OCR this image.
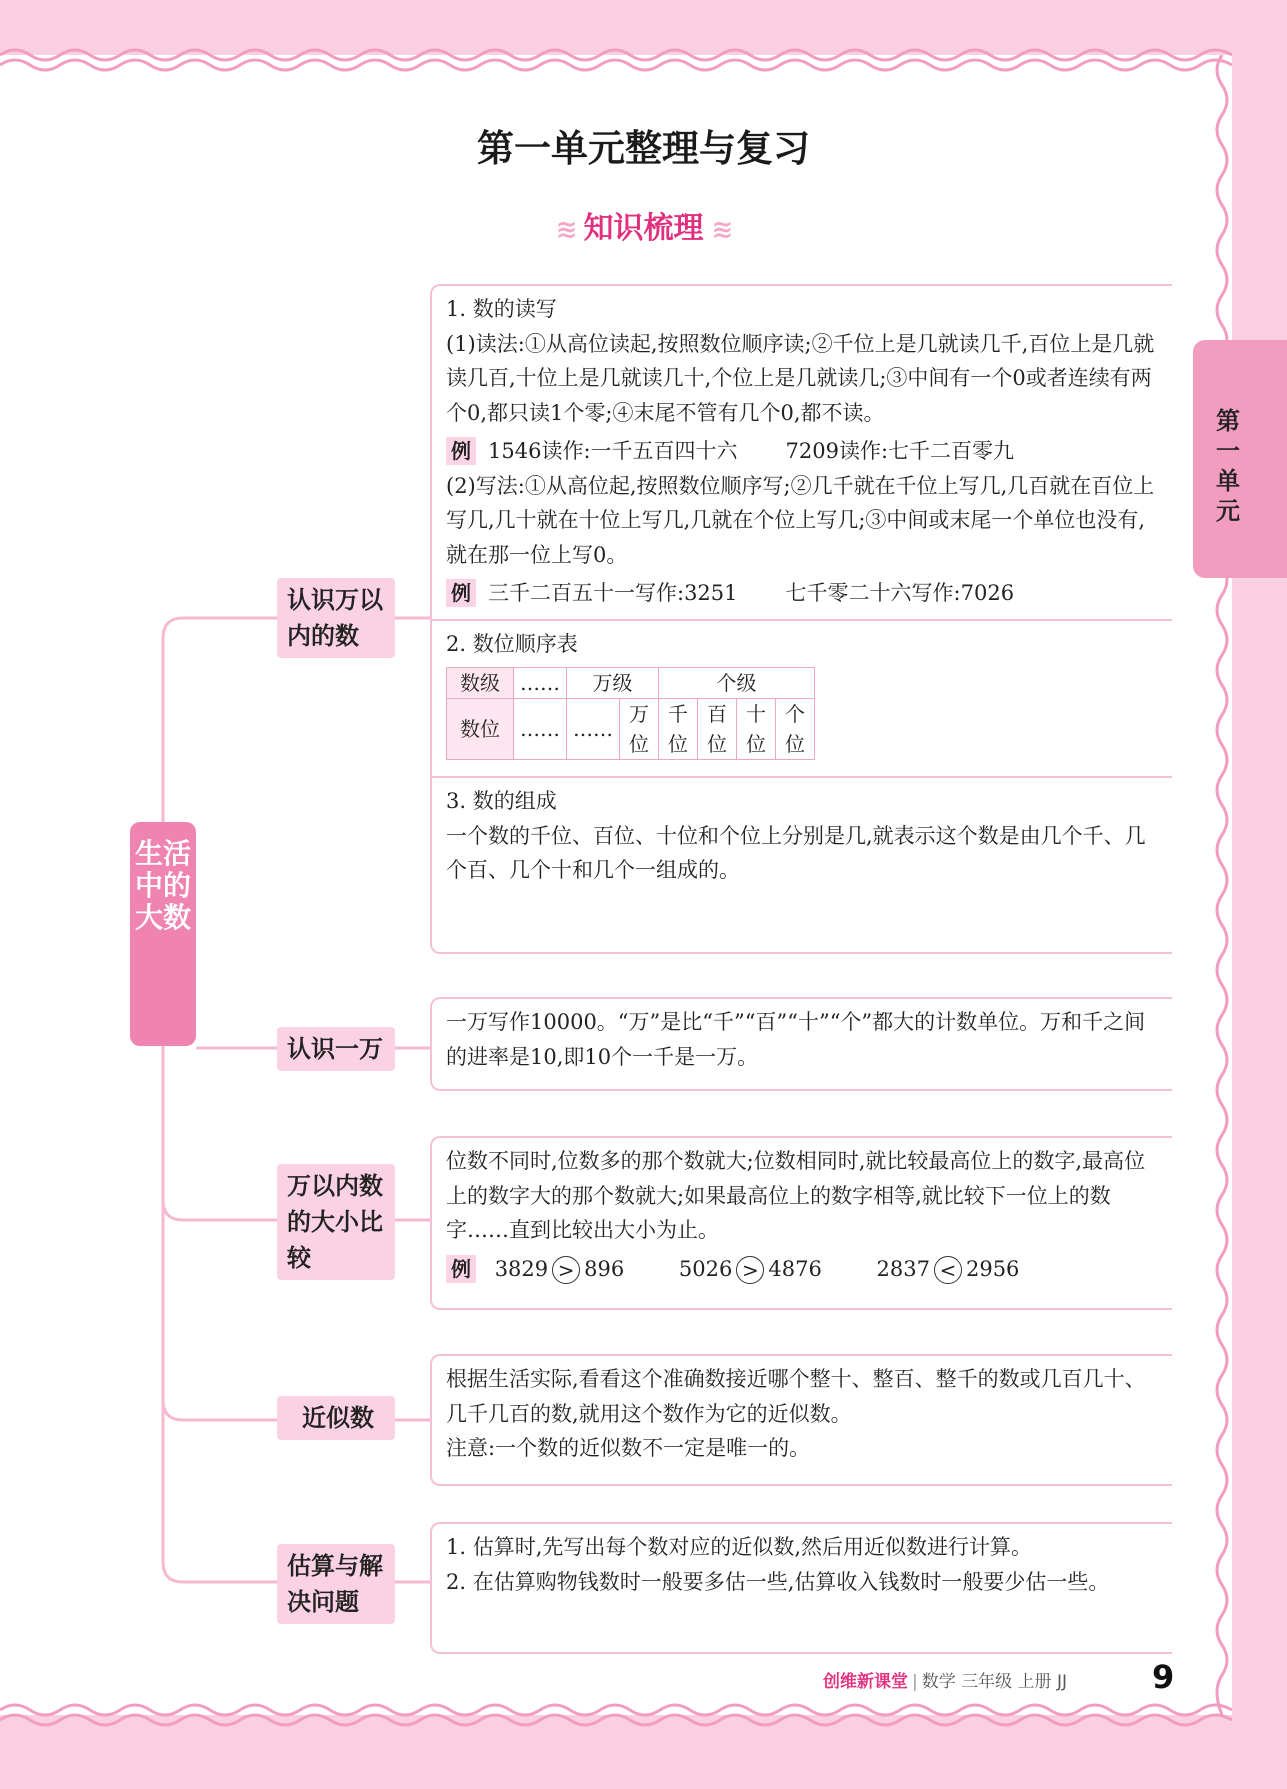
第一单元整理与复习
≋ 知识梳理 ≋
第一单元
生活中的大数
认识万以内的数
认识一万
万以内数的大小比较
近似数
估算与解决问题
1. 数的读写
(1)读法:①从高位读起,按照数位顺序读;②千位上是几就读几千,百位上是几就读几百,十位上是几就读几十,个位上是几就读几;③中间有一个0或者连续有两个0,都只读1个零;④末尾不管有几个0,都不读。
例 1546读作:一千五百四十六 7209读作:七千二百零九
(2)写法:①从高位起,按照数位顺序写;②几千就在千位上写几,几百就在百位上写几,几十就在十位上写几,几就在个位上写几;③中间或末尾一个单位也没有,就在那一位上写0。
例 三千二百五十一写作:3251 七千零二十六写作:7026
2. 数位顺序表
数级	……	万级		个级			
数位	……	……	万位	千位	百位	十位	个位
3. 数的组成
一个数的千位、百位、十位和个位上分别是几,就表示这个数是由几个千、几个百、几个十和几个一组成的。
一万写作10000。“万”是比“千”“百”“十”“个”都大的计数单位。万和千之间的进率是10,即10个一千是一万。
位数不同时,位数多的那个数就大;位数相同时,就比较最高位上的数字,最高位上的数字大的那个数就大;如果最高位上的数字相等,就比较下一位上的数字……直到比较出大小为止。
例 3829 > 896	5026 > 4876	2837 < 2956
根据生活实际,看看这个准确数接近哪个整十、整百、整千的数或几百几十、几千几百的数,就用这个数作为它的近似数。
注意:一个数的近似数不一定是唯一的。
1. 估算时,先写出每个数对应的近似数,然后用近似数进行计算。
2. 在估算购物钱数时一般要多估一些,估算收入钱数时一般要少估一些。
创维新课堂 | 数学 三年级 上册 JJ	9
